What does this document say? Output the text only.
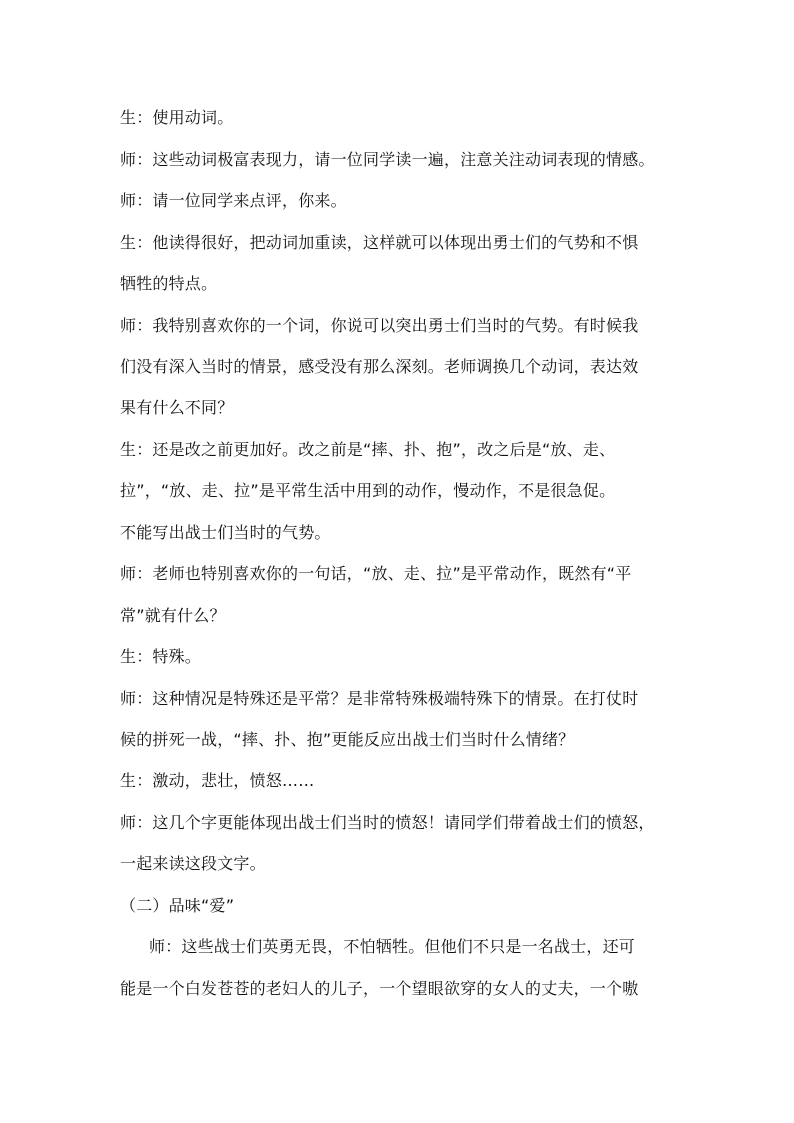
生：使用动词。
师：这些动词极富表现力，请一位同学读一遍，注意关注动词表现的情感。
师：请一位同学来点评，你来。
生：他读得很好，把动词加重读，这样就可以体现出勇士们的气势和不惧
牺牲的特点。
师：我特别喜欢你的一个词，你说可以突出勇士们当时的气势。有时候我
们没有深入当时的情景，感受没有那么深刻。老师调换几个动词，表达效
果有什么不同？
生：还是改之前更加好。改之前是“摔、扑、抱”，改之后是“放、走、
拉”，“放、走、拉”是平常生活中用到的动作，慢动作，不是很急促。
不能写出战士们当时的气势。
师：老师也特别喜欢你的一句话，“放、走、拉”是平常动作，既然有“平
常”就有什么？
生：特殊。
师：这种情况是特殊还是平常？是非常特殊极端特殊下的情景。在打仗时
候的拼死一战，“摔、扑、抱”更能反应出战士们当时什么情绪？
生：激动，悲壮，愤怒……
师：这几个字更能体现出战士们当时的愤怒！请同学们带着战士们的愤怒，
一起来读这段文字。
（二）品味“爱”
师：这些战士们英勇无畏，不怕牺牲。但他们不只是一名战士，还可
能是一个白发苍苍的老妇人的儿子，一个望眼欲穿的女人的丈夫，一个嗷
